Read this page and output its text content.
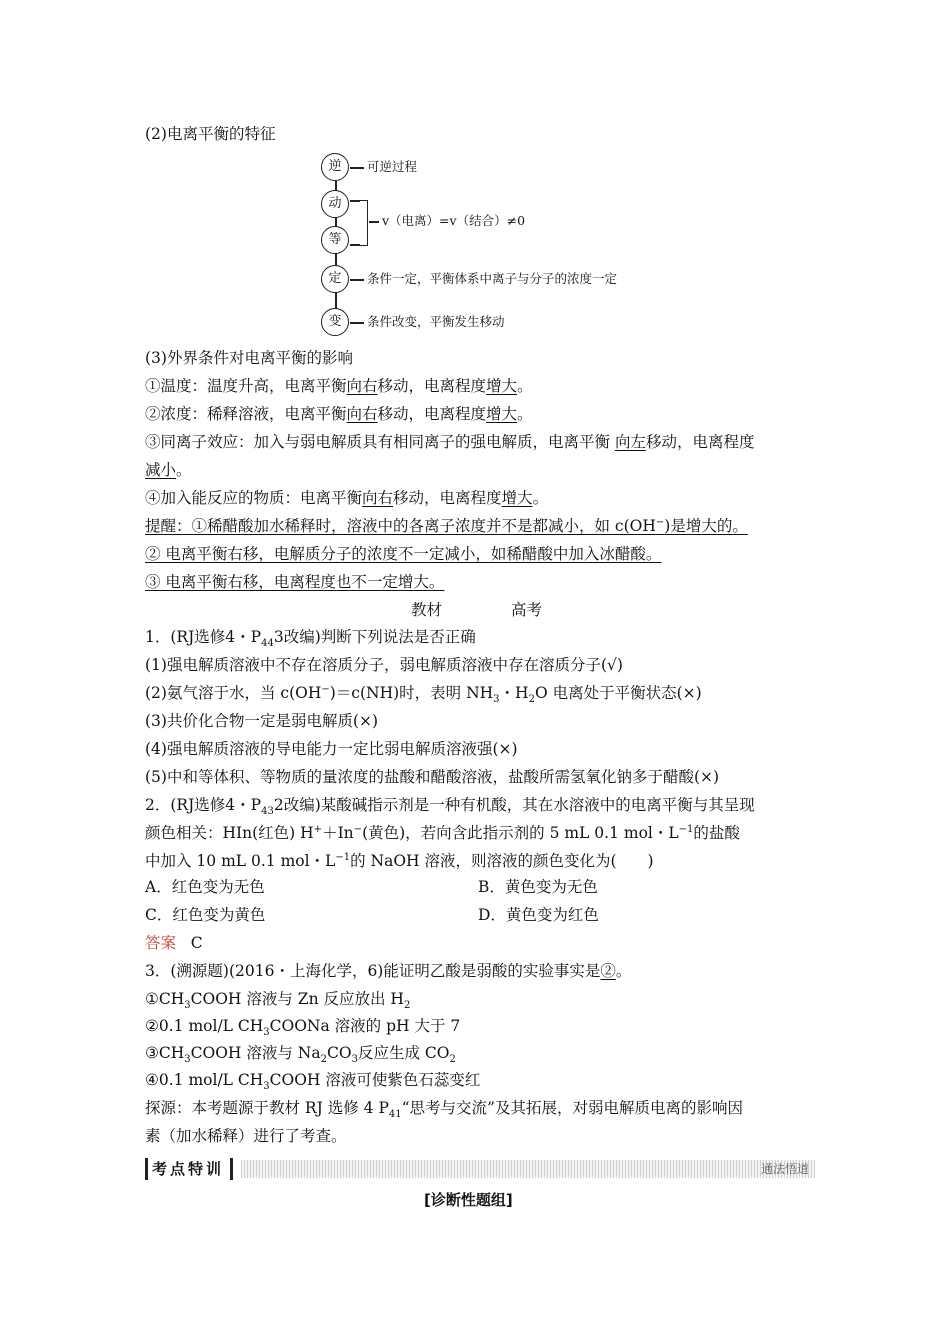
(2)电离平衡的特征
逆
动
等
定
变
可逆过程
v（电离）=v（结合）≠0
条件一定，平衡体系中离子与分子的浓度一定
条件改变，平衡发生移动
(3)外界条件对电离平衡的影响
①温度：温度升高，电离平衡向右移动，电离程度增大。
②浓度：稀释溶液，电离平衡向右移动，电离程度增大。
③同离子效应：加入与弱电解质具有相同离子的强电解质，电离平衡 向左移动，电离程度
减小。
④加入能反应的物质：电离平衡向右移动，电离程度增大。
提醒：①稀醋酸加水稀释时，溶液中的各离子浓度并不是都减小，如 c(OH−)是增大的。
② 电离平衡右移，电解质分子的浓度不一定减小，如稀醋酸中加入冰醋酸。
③ 电离平衡右移，电离程度也不一定增大。
教材	高考
1．(RJ选修4・$P_{44}3$改编)判断下列说法是否正确
(1)强电解质溶液中不存在溶质分子，弱电解质溶液中存在溶质分子(√)
(2)氨气溶于水，当 c(OH−)＝c(NH)时，表明 $NH_3$・$H_2O$ 电离处于平衡状态(×)
(3)共价化合物一定是弱电解质(×)
(4)强电解质溶液的导电能力一定比弱电解质溶液强(×)
(5)中和等体积、等物质的量浓度的盐酸和醋酸溶液，盐酸所需氢氧化钠多于醋酸(×)
2．(RJ选修4・$P_{43}2$改编)某酸碱指示剂是一种有机酸，其在水溶液中的电离平衡与其呈现
颜色相关：HIn(红色) H+＋In−(黄色)，若向含此指示剂的 5 mL 0.1 mol・$L^{-1}$的盐酸
中加入 10 mL 0.1 mol・$L^{-1}$的 NaOH 溶液，则溶液的颜色变化为(　　)
A．红色变为无色	B．黄色变为无色
C．红色变为黄色	D．黄色变为红色
答案 C
3．(溯源题)(2016・上海化学，6)能证明乙酸是弱酸的实验事实是②。
$①CH_3COOH$ 溶液与 Zn 反应放出 $H_2$
②0.1 mol/L $CH_3COONa$ 溶液的 pH 大于 7
$③CH_3COOH$ 溶液与 $Na_2CO_3$反应生成 $CO_2$
④0.1 mol/L $CH_3COOH$ 溶液可使紫色石蕊变红
探源：本考题源于教材 RJ 选修 4 $P_{41}“$思考与交流”及其拓展，对弱电解质电离的影响因
素（加水稀释）进行了考查。
考点特训	通法悟道
[诊断性题组]
